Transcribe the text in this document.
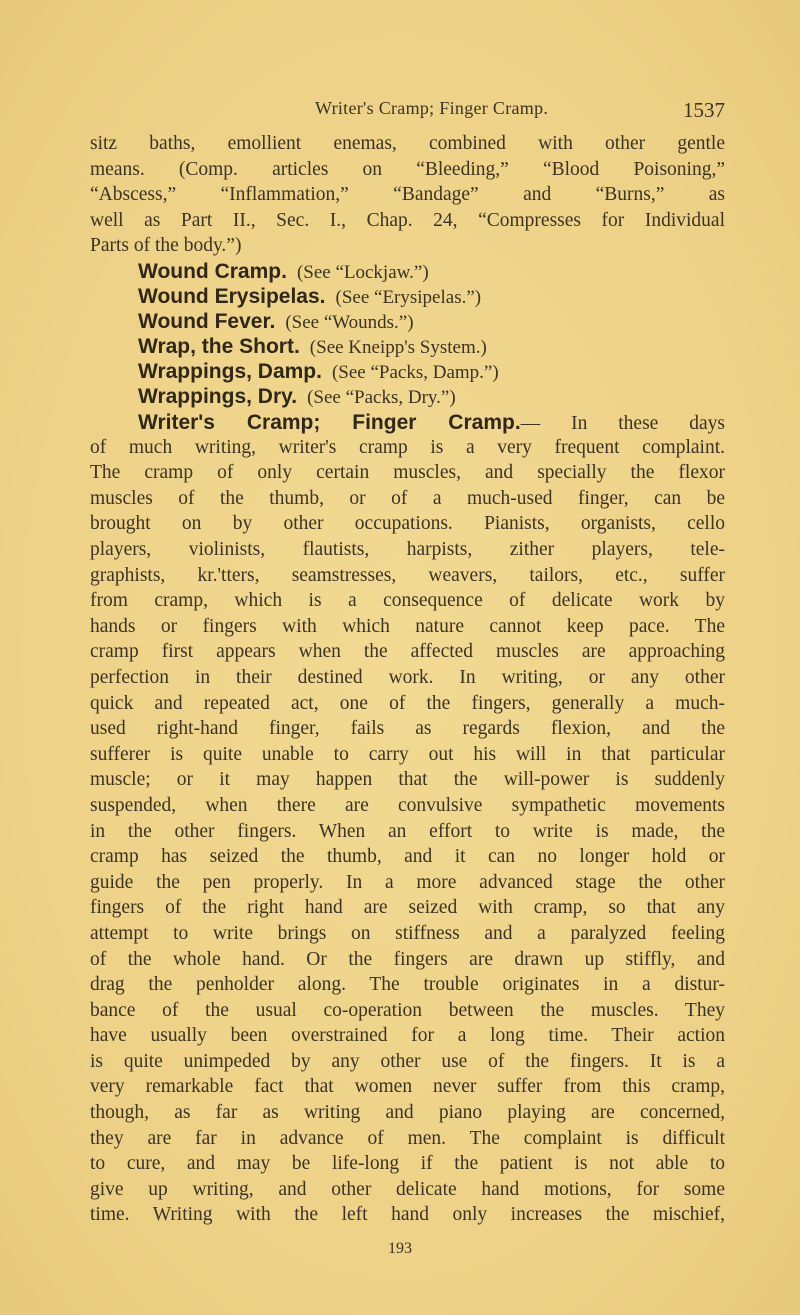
Writer's Cramp; Finger Cramp.	1537
sitz baths, emollient enemas, combined with other gentle
means. (Comp. articles on “Bleeding,” “Blood Poisoning,”
“Abscess,” “Inflammation,” “Bandage” and “Burns,” as
well as Part II., Sec. I., Chap. 24, “Compresses for Individual
Parts of the body.”)
Wound Cramp. (See “Lockjaw.”)
Wound Erysipelas. (See “Erysipelas.”)
Wound Fever. (See “Wounds.”)
Wrap, the Short. (See Kneipp's System.)
Wrappings, Damp. (See “Packs, Damp.”)
Wrappings, Dry. (See “Packs, Dry.”)
Writer's Cramp; Finger Cramp.— In these days
of much writing, writer's cramp is a very frequent complaint.
The cramp of only certain muscles, and specially the flexor
muscles of the thumb, or of a much-used finger, can be
brought on by other occupations. Pianists, organists, cello
players, violinists, flautists, harpists, zither players, tele-
graphists, kr.'tters, seamstresses, weavers, tailors, etc., suffer
from cramp, which is a consequence of delicate work by
hands or fingers with which nature cannot keep pace. The
cramp first appears when the affected muscles are approaching
perfection in their destined work. In writing, or any other
quick and repeated act, one of the fingers, generally a much-
used right-hand finger, fails as regards flexion, and the
sufferer is quite unable to carry out his will in that particular
muscle; or it may happen that the will-power is suddenly
suspended, when there are convulsive sympathetic movements
in the other fingers. When an effort to write is made, the
cramp has seized the thumb, and it can no longer hold or
guide the pen properly. In a more advanced stage the other
fingers of the right hand are seized with cramp, so that any
attempt to write brings on stiffness and a paralyzed feeling
of the whole hand. Or the fingers are drawn up stiffly, and
drag the penholder along. The trouble originates in a distur-
bance of the usual co-operation between the muscles. They
have usually been overstrained for a long time. Their action
is quite unimpeded by any other use of the fingers. It is a
very remarkable fact that women never suffer from this cramp,
though, as far as writing and piano playing are concerned,
they are far in advance of men. The complaint is difficult
to cure, and may be life-long if the patient is not able to
give up writing, and other delicate hand motions, for some
time. Writing with the left hand only increases the mischief,
193
